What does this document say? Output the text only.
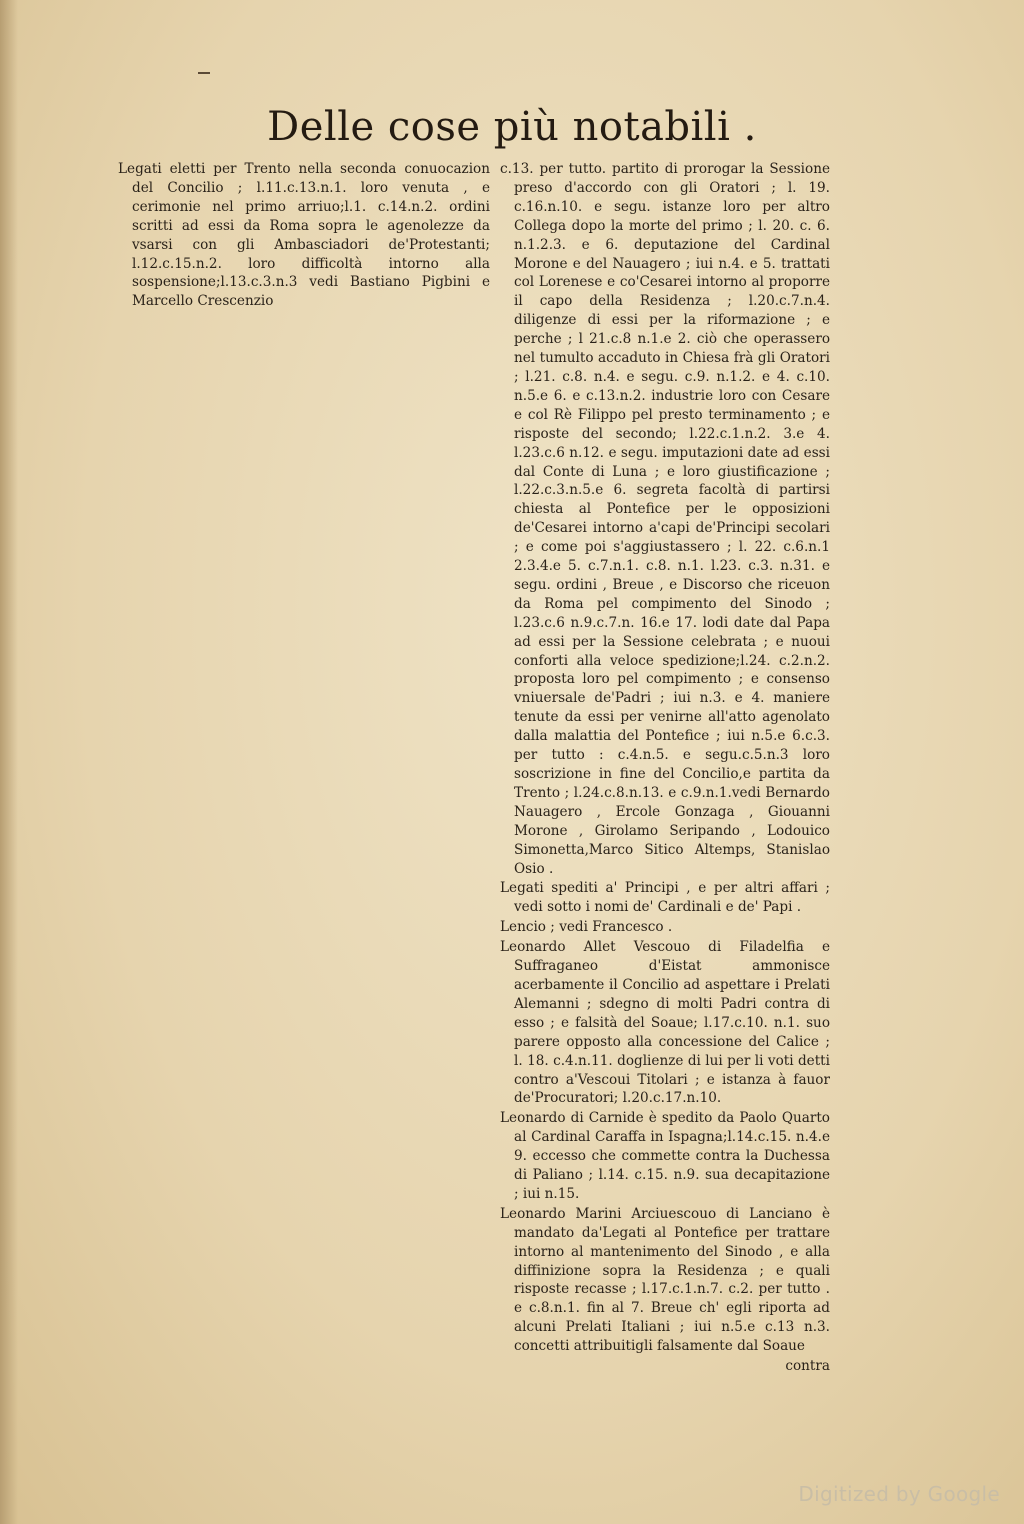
Delle cose più notabili .

Legati eletti per Trento nella seconda conuocazion del Concilio ; l.11.c.13.n.1. loro venuta , e cerimonie nel primo arriuo;l.1. c.14.n.2. ordini scritti ad essi da Roma sopra le agenolezze da vsarsi con gli Ambasciadori de'Protestanti; l.12.c.15.n.2. loro difficoltà intorno alla sospensione;l.13.c.3.n.3 vedi Bastiano Pigbini e Marcello Crescenzio

c.13. per tutto. partito di prorogar la Sessione preso d'accordo con gli Oratori ; l. 19. c.16.n.10. e segu. istanze loro per altro Collega dopo la morte del primo ; l. 20. c. 6. n.1.2.3. e 6. deputazione del Cardinal Morone e del Nauagero ; iui n.4. e 5. trattati col Lorenese e co'Cesarei intorno al proporre il capo della Residenza ; l.20.c.7.n.4. diligenze di essi per la riformazione ; e perche ; l 21.c.8 n.1.e 2. ciò che operassero nel tumulto accaduto in Chiesa frà gli Oratori ; l.21. c.8. n.4. e segu. c.9. n.1.2. e 4. c.10. n.5.e 6. e c.13.n.2. industrie loro con Cesare e col Rè Filippo pel presto terminamento ; e risposte del secondo; l.22.c.1.n.2. 3.e 4. l.23.c.6 n.12. e segu. imputazioni date ad essi dal Conte di Luna ; e loro giustificazione ; l.22.c.3.n.5.e 6. segreta facoltà di partirsi chiesta al Pontefice per le opposizioni de'Cesarei intorno a'capi de'Principi secolari ; e come poi s'aggiustassero ; l. 22. c.6.n.1 2.3.4.e 5. c.7.n.1. c.8. n.1. l.23. c.3. n.31. e segu. ordini , Breue , e Discorso che riceuon da Roma pel compimento del Sinodo ; l.23.c.6 n.9.c.7.n. 16.e 17. lodi date dal Papa ad essi per la Sessione celebrata ; e nuoui conforti alla veloce spedizione;l.24. c.2.n.2. proposta loro pel compimento ; e consenso vniuersale de'Padri ; iui n.3. e 4. maniere tenute da essi per venirne all'atto agenolato dalla malattia del Pontefice ; iui n.5.e 6.c.3. per tutto : c.4.n.5. e segu.c.5.n.3 loro soscrizione in fine del Concilio,e partita da Trento ; l.24.c.8.n.13. e c.9.n.1.vedi Bernardo Nauagero , Ercole Gonzaga , Giouanni Morone , Girolamo Seripando , Lodouico Simonetta,Marco Sitico Altemps, Stanislao Osio .

Legati spediti a' Principi , e per altri affari ; vedi sotto i nomi de' Cardinali e de' Papi .

Lencio ; vedi Francesco .

Leonardo Allet Vescouo di Filadelfia e Suffraganeo d'Eistat ammonisce acerbamente il Concilio ad aspettare i Prelati Alemanni ; sdegno di molti Padri contra di esso ; e falsità del Soaue; l.17.c.10. n.1. suo parere opposto alla concessione del Calice ; l. 18. c.4.n.11. doglienze di lui per li voti detti contro a'Vescoui Titolari ; e istanza à fauor de'Procuratori; l.20.c.17.n.10.

Leonardo di Carnide è spedito da Paolo Quarto al Cardinal Caraffa in Ispagna;l.14.c.15. n.4.e 9. eccesso che commette contra la Duchessa di Paliano ; l.14. c.15. n.9. sua decapitazione ; iui n.15.

Leonardo Marini Arciuescouo di Lanciano è mandato da'Legati al Pontefice per trattare intorno al mantenimento del Sinodo , e alla diffinizione sopra la Residenza ; e quali risposte recasse ; l.17.c.1.n.7. c.2. per tutto . e c.8.n.1. fin al 7. Breue ch' egli riporta ad alcuni Prelati Italiani ; iui n.5.e c.13 n.3. concetti attribuitigli falsamente dal Soaue

contra

Digitized by Google
